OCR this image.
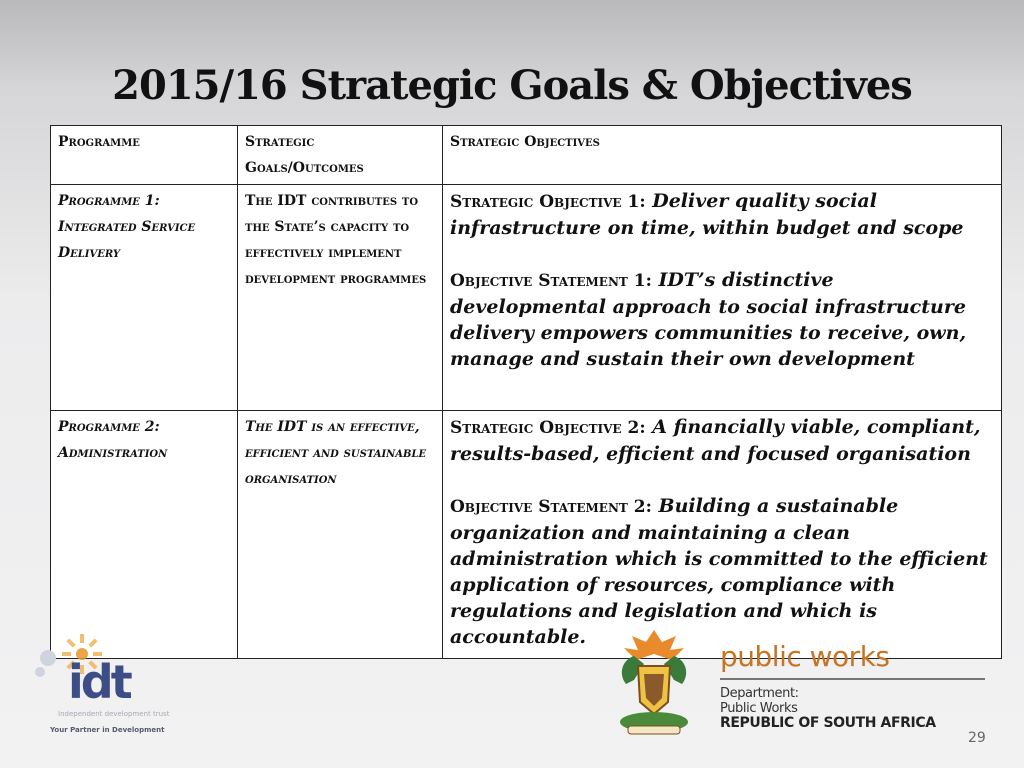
2015/16 Strategic Goals & Objectives
Programme	Strategic Goals/Outcomes	Strategic Objectives
Programme 1: Integrated Service Delivery	The IDT contributes to the State’s capacity to effectively implement development programmes	Strategic Objective 1: Deliver quality social infrastructure on time, within budget and scope

Objective Statement 1: IDT’s distinctive developmental approach to social infrastructure delivery empowers communities to receive, own, manage and sustain their own development

Programme 2: Administration	The IDT is an effective, efficient and sustainable organisation	Strategic Objective 2: A financially viable, compliant, results-based, efficient and focused organisation

Objective Statement 2: Building a sustainable organization and maintaining a clean administration which is committed to the efficient application of resources, compliance with regulations and legislation and which is accountable.

idt
Independent development trust
Your Partner in Development
public works
Department:
Public Works
REPUBLIC OF SOUTH AFRICA
29
